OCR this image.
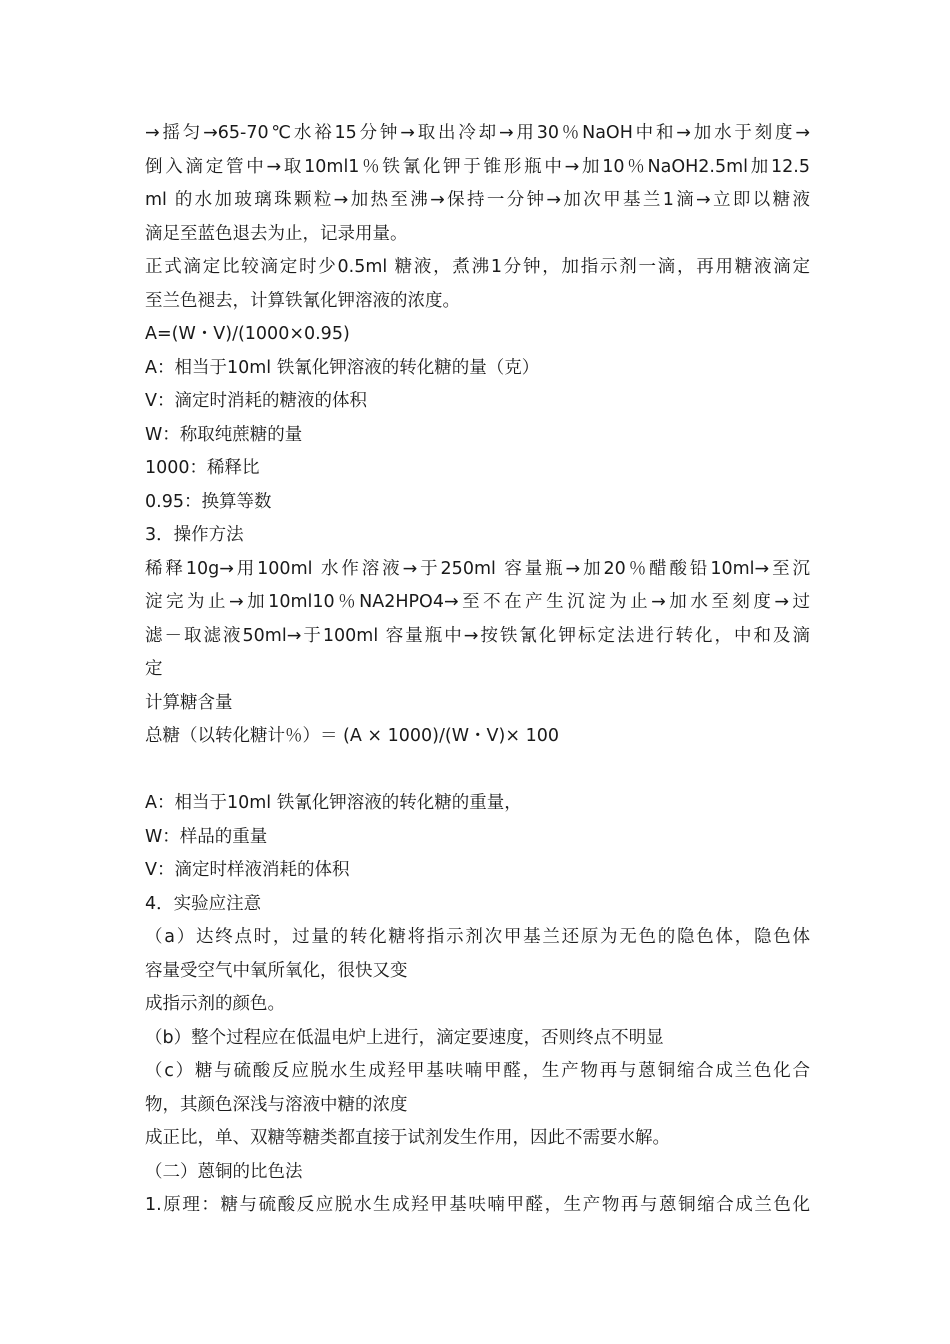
→摇匀→65-70℃水裕15分钟→取出冷却→用30％NaOH中和→加水于刻度→
倒入滴定管中→取10ml1％铁氰化钾于锥形瓶中→加10％NaOH2.5ml加12.5
ml 的水加玻璃珠颗粒→加热至沸→保持一分钟→加次甲基兰1滴→立即以糖液
滴足至蓝色退去为止，记录用量。
正式滴定比较滴定时少0.5ml 糖液，煮沸1分钟，加指示剂一滴，再用糖液滴定
至兰色褪去，计算铁氰化钾溶液的浓度。
A=(W・V)/(1000×0.95)
A：相当于10ml 铁氰化钾溶液的转化糖的量（克）
V：滴定时消耗的糖液的体积
W：称取纯蔗糖的量
1000：稀释比
0.95：换算等数
3．操作方法
稀释10g→用100ml 水作溶液→于250ml 容量瓶→加20％醋酸铅10ml→至沉
淀完为止→加10ml10％NA2HPO4→至不在产生沉淀为止→加水至刻度→过
滤－取滤液50ml→于100ml 容量瓶中→按铁氰化钾标定法进行转化，中和及滴
定
计算糖含量
总糖（以转化糖计％）＝ (A × 1000)/(W・V)× 100
A：相当于10ml 铁氰化钾溶液的转化糖的重量，
W：样品的重量
V：滴定时样液消耗的体积
4．实验应注意
（a）达终点时，过量的转化糖将指示剂次甲基兰还原为无色的隐色体，隐色体
容量受空气中氧所氧化，很快又变
成指示剂的颜色。
（b）整个过程应在低温电炉上进行，滴定要速度，否则终点不明显
（c）糖与硫酸反应脱水生成羟甲基呋喃甲醛，生产物再与蒽铜缩合成兰色化合
物，其颜色深浅与溶液中糖的浓度
成正比，单、双糖等糖类都直接于试剂发生作用，因此不需要水解。
（二）蒽铜的比色法
1.原理：糖与硫酸反应脱水生成羟甲基呋喃甲醛，生产物再与蒽铜缩合成兰色化
